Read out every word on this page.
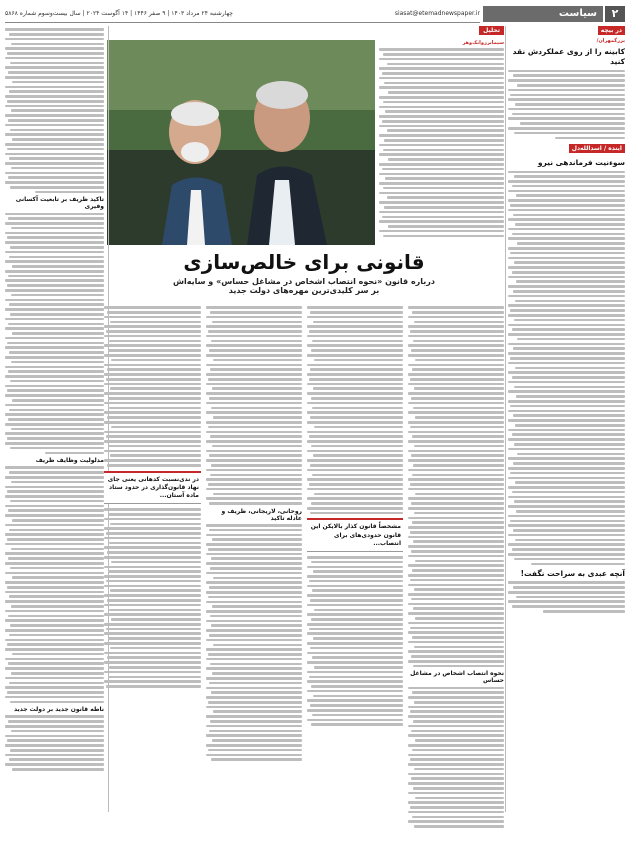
۲
سیاست
siasat@etemadnewspaper.ir
چهارشنبه ۲۴ مرداد ۱۴۰۳ | ۹ صفر ۱۴۴۶ | ۱۴ آگوست ۲۰۲۴ | سال بیست‌وسوم شماره ۵۸۶۸
در بیچه
بزرگمهران/
کابینه را از روی عملکردش نقد کنید
اینده / اسدالله‌دل
سوءنیت فرماندهی نیرو
آنچه عبدی به سراحت نگفت!
تحلیل
سیمابرزوانک‌وهر
تاکید ظریف بر تابعیت آکسانی وفیری
مدلولیت وظایف ظریف
ناطه قانون جدید بر دولت جدید
قانونی برای خالص‌سازی

درباره قانون «نحوه انتصاب اشخاص در مشاغل حساس» و سایه‌اش
بر سر کلیدی‌ترین مهره‌های دولت جدید

نحوه انتصاب اشخاص در مشاغل حساس
مشخصاً قانون کذار بالایکن این قانون حدودی‌‌های برای انتصاب...
روحانی، لاریجانی، ظریف و عادله تاکید
در ندی‌نسبت کدهانی یعنی جای نهاد قانون‌گذاری در حدود ستاد ماده آستان...
